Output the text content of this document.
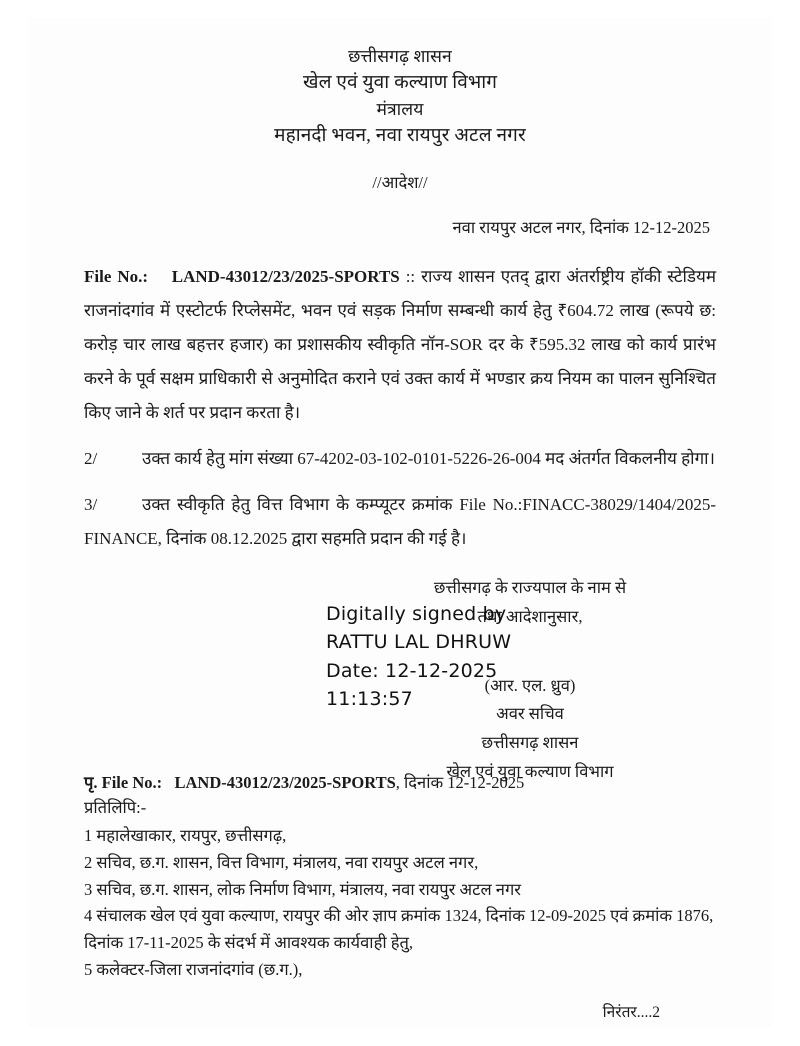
छत्तीसगढ़ शासन
खेल एवं युवा कल्याण विभाग
मंत्रालय
महानदी भवन, नवा रायपुर अटल नगर
//आदेश//
नवा रायपुर अटल नगर, दिनांक 12-12-2025
File No.: LAND-43012/23/2025-SPORTS :: राज्य शासन एतद् द्वारा अंतर्राष्ट्रीय हॉकी स्टेडियम राजनांदगांव में एस्टोटर्फ रिप्लेसमेंट, भवन एवं सड़क निर्माण सम्बन्धी कार्य हेतु ₹604.72 लाख (रूपये छ: करोड़ चार लाख बहत्तर हजार) का प्रशासकीय स्वीकृति नॉन-SOR दर के ₹595.32 लाख को कार्य प्रारंभ करने के पूर्व सक्षम प्राधिकारी से अनुमोदित कराने एवं उक्त कार्य में भण्डार क्रय नियम का पालन सुनिश्चित किए जाने के शर्त पर प्रदान करता है।
2/	उक्त कार्य हेतु मांग संख्या 67-4202-03-102-0101-5226-26-004 मद अंतर्गत विकलनीय होगा।
3/	उक्त स्वीकृति हेतु वित्त विभाग के कम्प्यूटर क्रमांक File No.:FINACC-38029/1404/2025-FINANCE, दिनांक 08.12.2025 द्वारा सहमति प्रदान की गई है।
छत्तीसगढ़ के राज्यपाल के नाम से
तथा आदेशानुसार,
(आर. एल. ध्रुव)
अवर सचिव
छत्तीसगढ़ शासन
खेल एवं युवा कल्याण विभाग
Digitally signed by
RATTU LAL DHRUW
Date: 12-12-2025
11:13:57
पृ. File No.: LAND-43012/23/2025-SPORTS, दिनांक 12-12-2025
प्रतिलिपि:-
1 महालेखाकार, रायपुर, छत्तीसगढ़,
2 सचिव, छ.ग. शासन, वित्त विभाग, मंत्रालय, नवा रायपुर अटल नगर,
3 सचिव, छ.ग. शासन, लोक निर्माण विभाग, मंत्रालय, नवा रायपुर अटल नगर
4 संचालक खेल एवं युवा कल्याण, रायपुर की ओर ज्ञाप क्रमांक 1324, दिनांक 12-09-2025 एवं क्रमांक 1876, दिनांक 17-11-2025 के संदर्भ में आवश्यक कार्यवाही हेतु,
5 कलेक्टर-जिला राजनांदगांव (छ.ग.),
निरंतर....2
